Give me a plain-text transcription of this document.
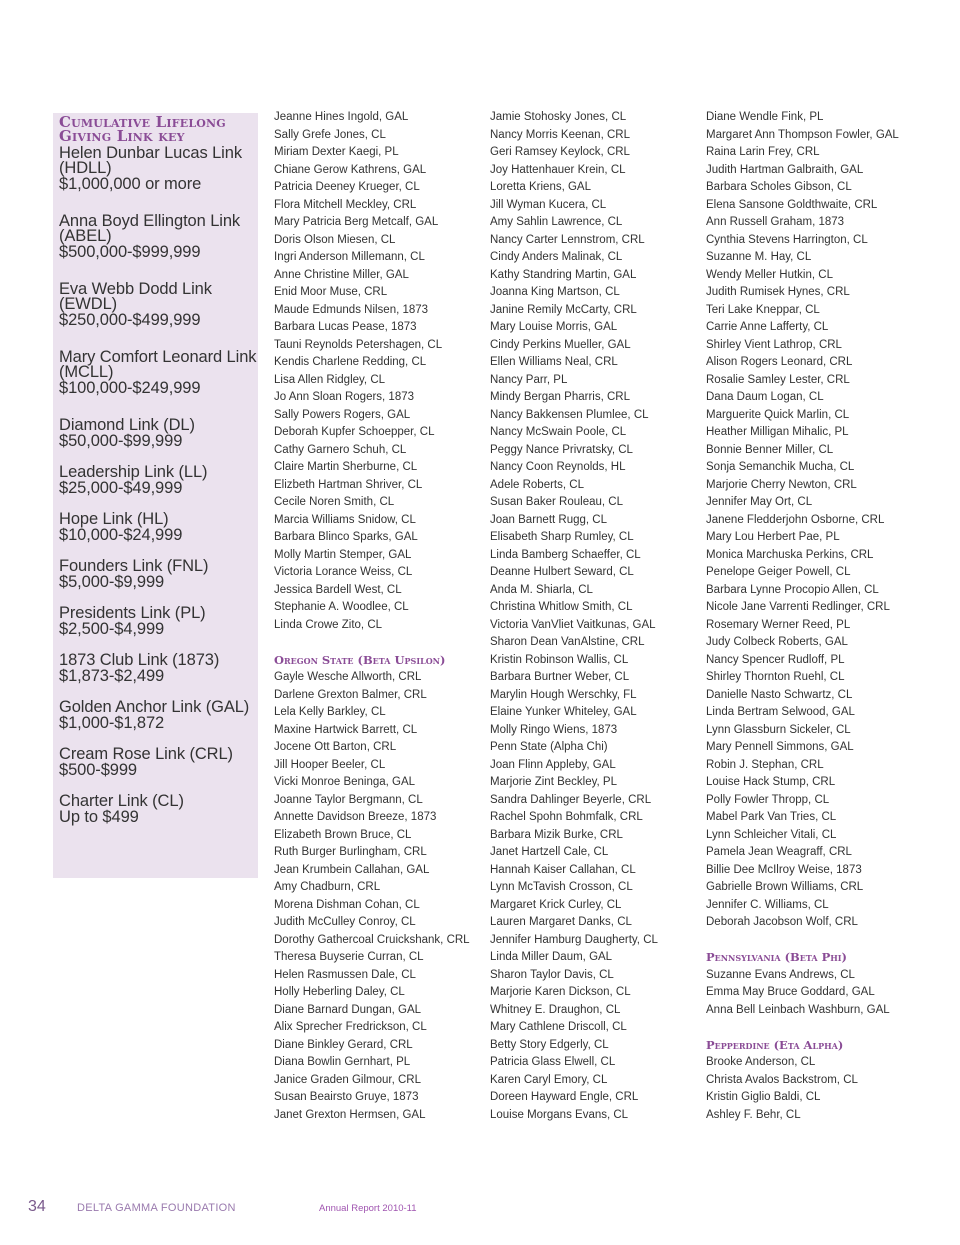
Cumulative Lifelong
Giving Link key
Helen Dunbar Lucas Link (HDLL)
$1,000,000 or more
Anna Boyd Ellington Link (ABEL)
$500,000-$999,999
Eva Webb Dodd Link (EWDL)
$250,000-$499,999
Mary Comfort Leonard Link (MCLL)
$100,000-$249,999
Diamond Link (DL)
$50,000-$99,999
Leadership Link (LL)
$25,000-$49,999
Hope Link (HL)
$10,000-$24,999
Founders Link (FNL)
$5,000-$9,999
Presidents Link (PL)
$2,500-$4,999
1873 Club Link (1873)
$1,873-$2,499
Golden Anchor Link (GAL)
$1,000-$1,872
Cream Rose Link (CRL)
$500-$999
Charter Link (CL)
Up to $499
Jeanne Hines Ingold, GAL
Sally Grefe Jones, CL
Miriam Dexter Kaegi, PL
Chiane Gerow Kathrens, GAL
Patricia Deeney Krueger, CL
Flora Mitchell Meckley, CRL
Mary Patricia Berg Metcalf, GAL
Doris Olson Miesen, CL
Ingri Anderson Millemann, CL
Anne Christine Miller, GAL
Enid Moor Muse, CRL
Maude Edmunds Nilsen, 1873
Barbara Lucas Pease, 1873
Tauni Reynolds Petershagen, CL
Kendis Charlene Redding, CL
Lisa Allen Ridgley, CL
Jo Ann Sloan Rogers, 1873
Sally Powers Rogers, GAL
Deborah Kupfer Schoepper, CL
Cathy Garnero Schuh, CL
Claire Martin Sherburne, CL
Elizbeth Hartman Shriver, CL
Cecile Noren Smith, CL
Marcia Williams Snidow, CL
Barbara Blinco Sparks, GAL
Molly Martin Stemper, GAL
Victoria Lorance Weiss, CL
Jessica Bardell West, CL
Stephanie A. Woodlee, CL
Linda Crowe Zito, CL
Oregon State (Beta Upsilon)
Gayle Wesche Allworth, CRL
Darlene Grexton Balmer, CRL
Lela Kelly Barkley, CL
Maxine Hartwick Barrett, CL
Jocene Ott Barton, CRL
Jill Hooper Beeler, CL
Vicki Monroe Beninga, GAL
Joanne Taylor Bergmann, CL
Annette Davidson Breeze, 1873
Elizabeth Brown Bruce, CL
Ruth Burger Burlingham, CRL
Jean Krumbein Callahan, GAL
Amy Chadburn, CRL
Morena Dishman Cohan, CL
Judith McCulley Conroy, CL
Dorothy Gathercoal Cruickshank, CRL
Theresa Buyserie Curran, CL
Helen Rasmussen Dale, CL
Holly Heberling Daley, CL
Diane Barnard Dungan, GAL
Alix Sprecher Fredrickson, CL
Diane Binkley Gerard, CRL
Diana Bowlin Gernhart, PL
Janice Graden Gilmour, CRL
Susan Beairsto Gruye, 1873
Janet Grexton Hermsen, GAL
Jamie Stohosky Jones, CL
Nancy Morris Keenan, CRL
Geri Ramsey Keylock, CRL
Joy Hattenhauer Krein, CL
Loretta Kriens, GAL
Jill Wyman Kucera, CL
Amy Sahlin Lawrence, CL
Nancy Carter Lennstrom, CRL
Cindy Anders Malinak, CL
Kathy Standring Martin, GAL
Joanna King Martson, CL
Janine Remily McCarty, CRL
Mary Louise Morris, GAL
Cindy Perkins Mueller, GAL
Ellen Williams Neal, CRL
Nancy Parr, PL
Mindy Bergan Pharris, CRL
Nancy Bakkensen Plumlee, CL
Nancy McSwain Poole, CL
Peggy Nance Privratsky, CL
Nancy Coon Reynolds, HL
Adele Roberts, CL
Susan Baker Rouleau, CL
Joan Barnett Rugg, CL
Elisabeth Sharp Rumley, CL
Linda Bamberg Schaeffer, CL
Deanne Hulbert Seward, CL
Anda M. Shiarla, CL
Christina Whitlow Smith, CL
Victoria VanVliet Vaitkunas, GAL
Sharon Dean VanAlstine, CRL
Kristin Robinson Wallis, CL
Barbara Burtner Weber, CL
Marylin Hough Werschky, FL
Elaine Yunker Whiteley, GAL
Molly Ringo Wiens, 1873
Penn State (Alpha Chi)
Joan Flinn Appleby, GAL
Marjorie Zint Beckley, PL
Sandra Dahlinger Beyerle, CRL
Rachel Spohn Bohmfalk, CRL
Barbara Mizik Burke, CRL
Janet Hartzell Cale, CL
Hannah Kaiser Callahan, CL
Lynn McTavish Crosson, CL
Margaret Krick Curley, CL
Lauren Margaret Danks, CL
Jennifer Hamburg Daugherty, CL
Linda Miller Daum, GAL
Sharon Taylor Davis, CL
Marjorie Karen Dickson, CL
Whitney E. Draughon, CL
Mary Cathlene Driscoll, CL
Betty Story Edgerly, CL
Patricia Glass Elwell, CL
Karen Caryl Emory, CL
Doreen Hayward Engle, CRL
Louise Morgans Evans, CL
Diane Wendle Fink, PL
Margaret Ann Thompson Fowler, GAL
Raina Larin Frey, CRL
Judith Hartman Galbraith, GAL
Barbara Scholes Gibson, CL
Elena Sansone Goldthwaite, CRL
Ann Russell Graham, 1873
Cynthia Stevens Harrington, CL
Suzanne M. Hay, CL
Wendy Meller Hutkin, CL
Judith Rumisek Hynes, CRL
Teri Lake Kneppar, CL
Carrie Anne Lafferty, CL
Shirley Vient Lathrop, CRL
Alison Rogers Leonard, CRL
Rosalie Samley Lester, CRL
Dana Daum Logan, CL
Marguerite Quick Marlin, CL
Heather Milligan Mihalic, PL
Bonnie Benner Miller, CL
Sonja Semanchik Mucha, CL
Marjorie Cherry Newton, CRL
Jennifer May Ort, CL
Janene Fledderjohn Osborne, CRL
Mary Lou Herbert Pae, PL
Monica Marchuska Perkins, CRL
Penelope Geiger Powell, CL
Barbara Lynne Procopio Allen, CL
Nicole Jane Varrenti Redlinger, CRL
Rosemary Werner Reed, PL
Judy Colbeck Roberts, GAL
Nancy Spencer Rudloff, PL
Shirley Thornton Ruehl, CL
Danielle Nasto Schwartz, CL
Linda Bertram Selwood, GAL
Lynn Glassburn Sickeler, CL
Mary Pennell Simmons, GAL
Robin J. Stephan, CRL
Louise Hack Stump, CRL
Polly Fowler Thropp, CL
Mabel Park Van Tries, CL
Lynn Schleicher Vitali, CL
Pamela Jean Weagraff, CRL
Billie Dee McIlroy Weise, 1873
Gabrielle Brown Williams, CRL
Jennifer C. Williams, CL
Deborah Jacobson Wolf, CRL
Pennsylvania (Beta Phi)
Suzanne Evans Andrews, CL
Emma May Bruce Goddard, GAL
Anna Bell Leinbach Washburn, GAL
Pepperdine (Eta Alpha)
Brooke Anderson, CL
Christa Avalos Backstrom, CL
Kristin Giglio Baldi, CL
Ashley F. Behr, CL
34	DELTA GAMMA FOUNDATION	Annual Report 2010-11
